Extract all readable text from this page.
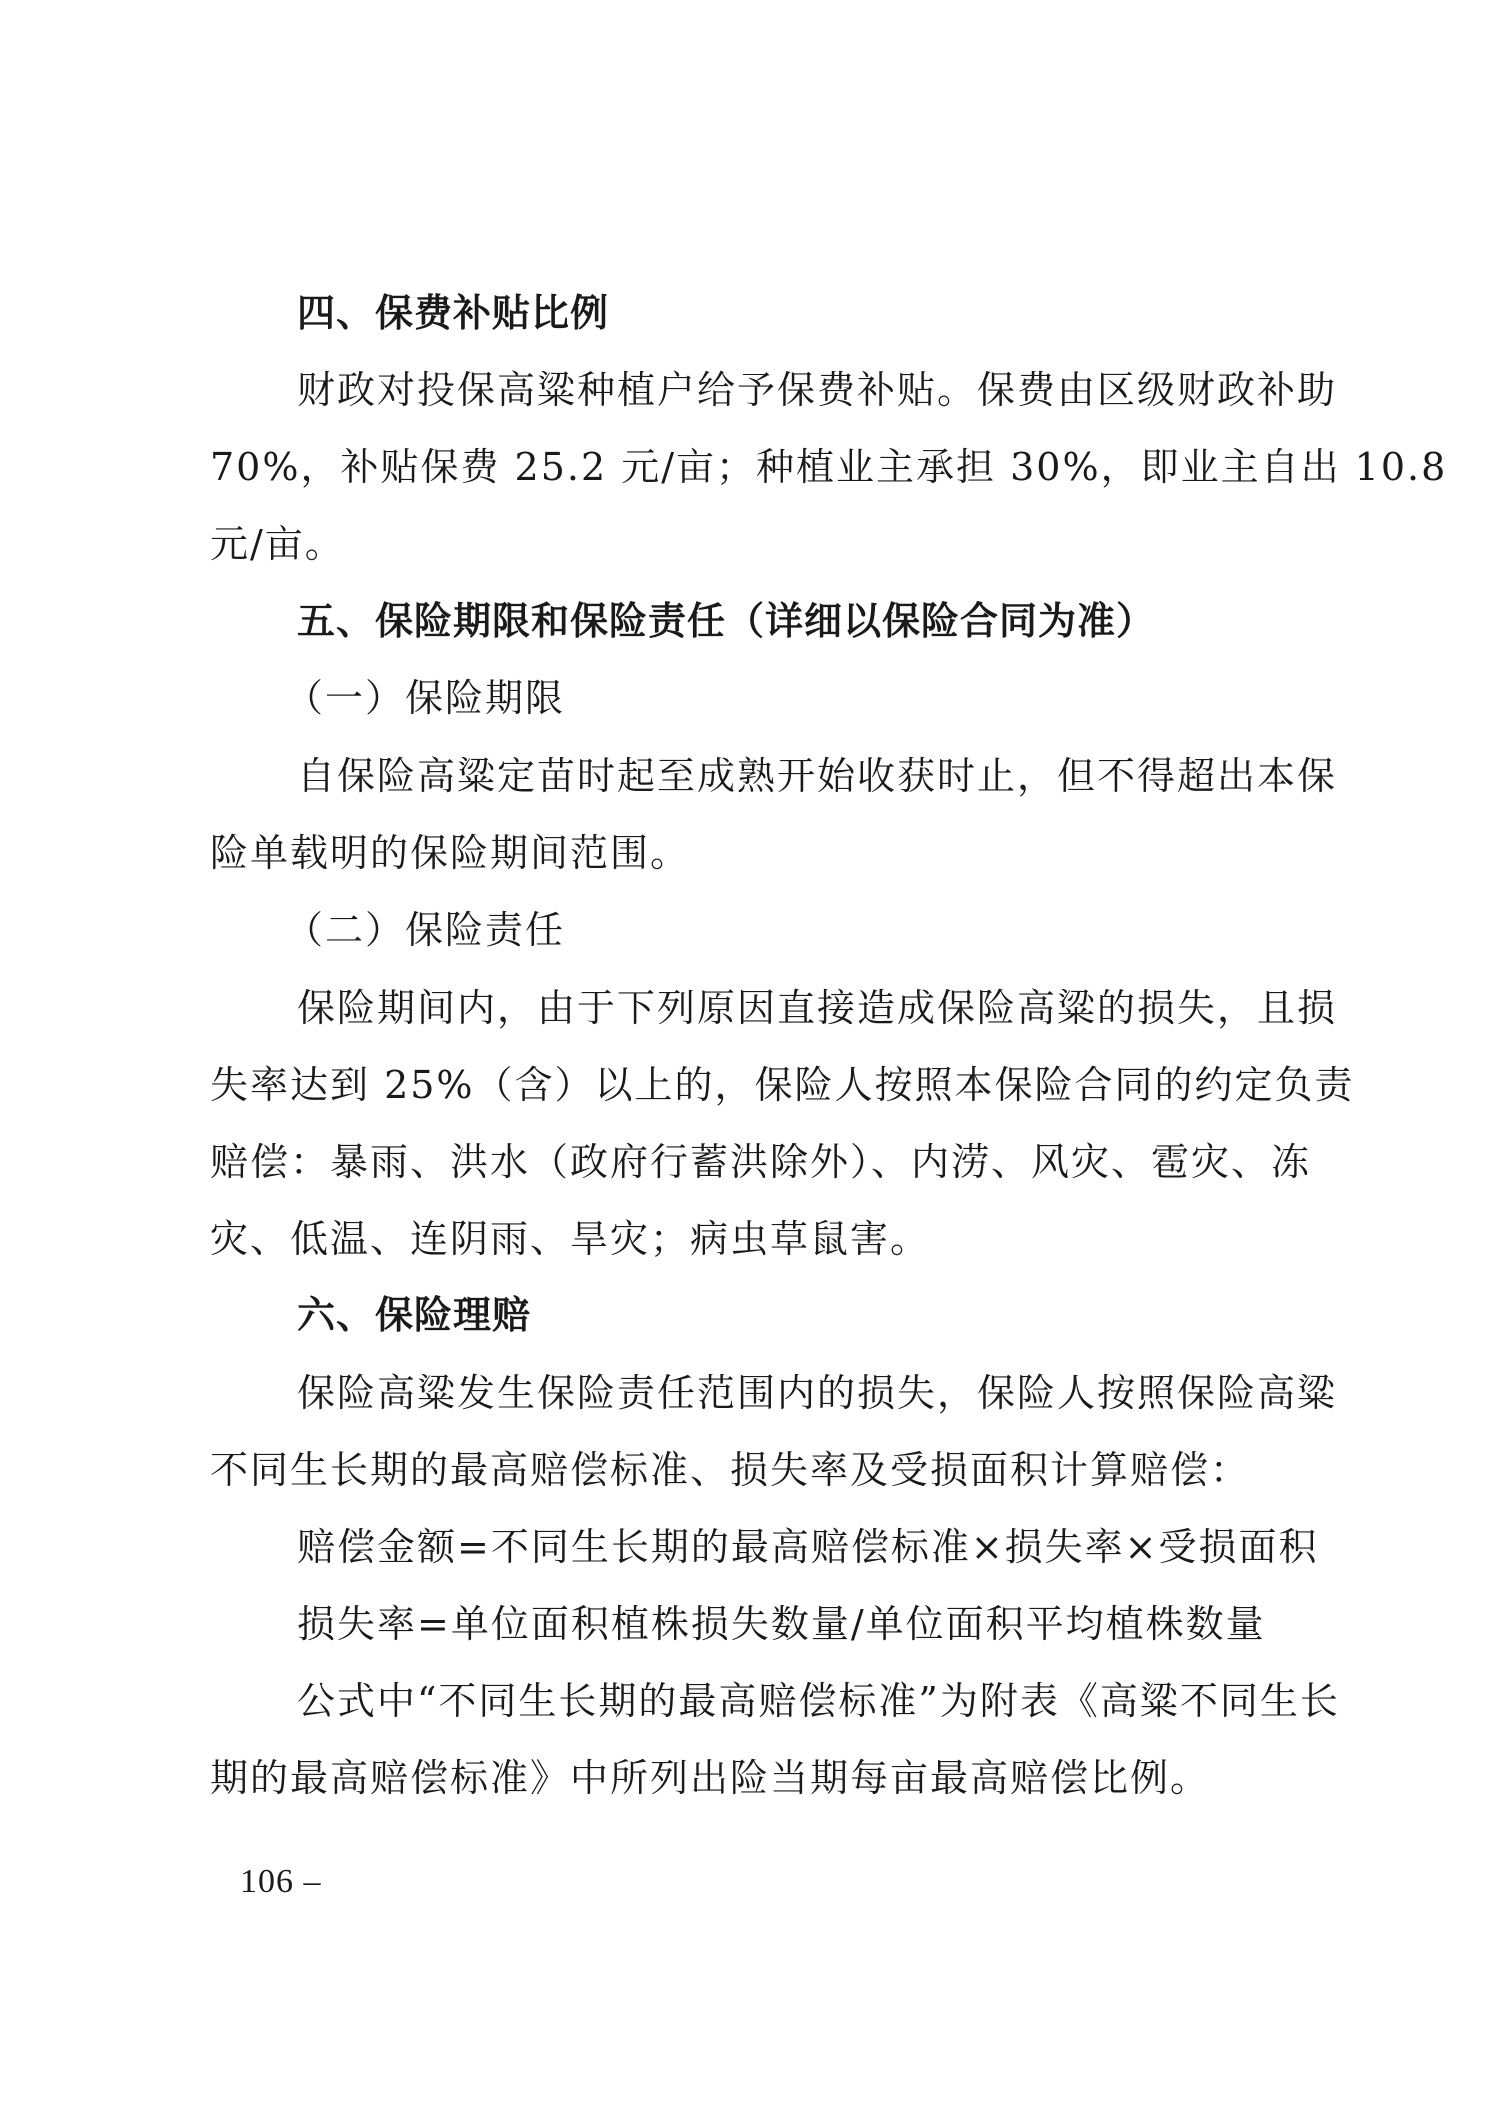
四、保费补贴比例
财政对投保高粱种植户给予保费补贴。保费由区级财政补助
70%，补贴保费 25.2 元/亩；种植业主承担 30%，即业主自出 10.8
元/亩。
五、保险期限和保险责任（详细以保险合同为准）
（一）保险期限
自保险高粱定苗时起至成熟开始收获时止，但不得超出本保
险单载明的保险期间范围。
（二）保险责任
保险期间内，由于下列原因直接造成保险高粱的损失，且损
失率达到 25%（含）以上的，保险人按照本保险合同的约定负责
赔偿：暴雨、洪水（政府行蓄洪除外）、内涝、风灾、雹灾、冻
灾、低温、连阴雨、旱灾；病虫草鼠害。
六、保险理赔
保险高粱发生保险责任范围内的损失，保险人按照保险高粱
不同生长期的最高赔偿标准、损失率及受损面积计算赔偿：
赔偿金额=不同生长期的最高赔偿标准×损失率×受损面积
损失率=单位面积植株损失数量/单位面积平均植株数量
公式中“不同生长期的最高赔偿标准”为附表《高粱不同生长
期的最高赔偿标准》中所列出险当期每亩最高赔偿比例。
106 –
